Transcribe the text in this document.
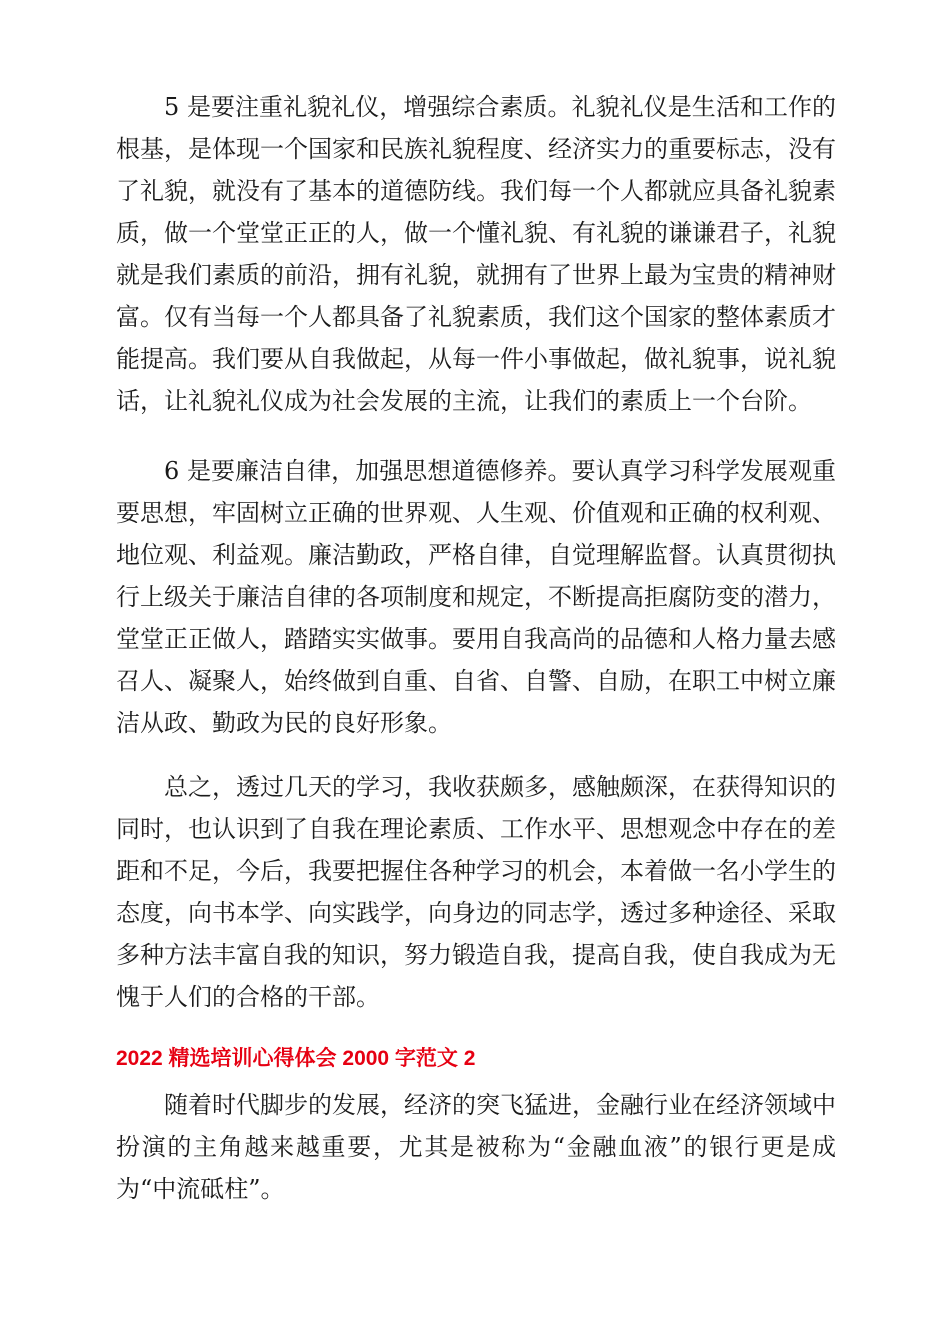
5 是要注重礼貌礼仪，增强综合素质。礼貌礼仪是生活和工作的根基，是体现一个国家和民族礼貌程度、经济实力的重要标志，没有了礼貌，就没有了基本的道德防线。我们每一个人都就应具备礼貌素质，做一个堂堂正正的人，做一个懂礼貌、有礼貌的谦谦君子，礼貌就是我们素质的前沿，拥有礼貌，就拥有了世界上最为宝贵的精神财富。仅有当每一个人都具备了礼貌素质，我们这个国家的整体素质才能提高。我们要从自我做起，从每一件小事做起，做礼貌事，说礼貌话，让礼貌礼仪成为社会发展的主流，让我们的素质上一个台阶。

6 是要廉洁自律，加强思想道德修养。要认真学习科学发展观重要思想，牢固树立正确的世界观、人生观、价值观和正确的权利观、地位观、利益观。廉洁勤政，严格自律，自觉理解监督。认真贯彻执行上级关于廉洁自律的各项制度和规定，不断提高拒腐防变的潜力，堂堂正正做人，踏踏实实做事。要用自我高尚的品德和人格力量去感召人、凝聚人，始终做到自重、自省、自警、自励，在职工中树立廉洁从政、勤政为民的良好形象。

总之，透过几天的学习，我收获颇多，感触颇深，在获得知识的同时，也认识到了自我在理论素质、工作水平、思想观念中存在的差距和不足，今后，我要把握住各种学习的机会，本着做一名小学生的态度，向书本学、向实践学，向身边的同志学，透过多种途径、采取多种方法丰富自我的知识，努力锻造自我，提高自我，使自我成为无愧于人们的合格的干部。

2022 精选培训心得体会 2000 字范文 2

随着时代脚步的发展，经济的突飞猛进，金融行业在经济领域中扮演的主角越来越重要，尤其是被称为“金融血液”的银行更是成为“中流砥柱”。
